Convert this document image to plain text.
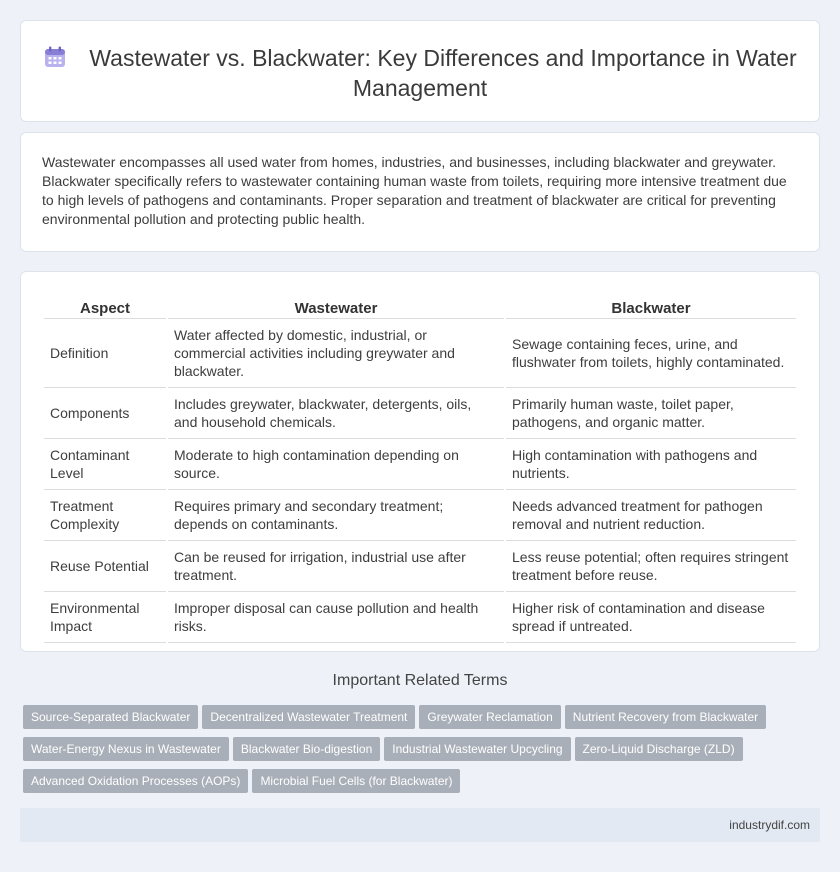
Wastewater vs. Blackwater: Key Differences and Importance in Water Management

Wastewater encompasses all used water from homes, industries, and businesses, including blackwater and greywater. Blackwater specifically refers to wastewater containing human waste from toilets, requiring more intensive treatment due to high levels of pathogens and contaminants. Proper separation and treatment of blackwater are critical for preventing environmental pollution and protecting public health.

Aspect	Wastewater	Blackwater
Definition	Water affected by domestic, industrial, or commercial activities including greywater and blackwater.	Sewage containing feces, urine, and flushwater from toilets, highly contaminated.
Components	Includes greywater, blackwater, detergents, oils, and household chemicals.	Primarily human waste, toilet paper, pathogens, and organic matter.
Contaminant Level	Moderate to high contamination depending on source.	High contamination with pathogens and nutrients.
Treatment Complexity	Requires primary and secondary treatment; depends on contaminants.	Needs advanced treatment for pathogen removal and nutrient reduction.
Reuse Potential	Can be reused for irrigation, industrial use after treatment.	Less reuse potential; often requires stringent treatment before reuse.
Environmental Impact	Improper disposal can cause pollution and health risks.	Higher risk of contamination and disease spread if untreated.
Important Related Terms
Source-Separated Blackwater Decentralized Wastewater Treatment Greywater Reclamation Nutrient Recovery from Blackwater
Water-Energy Nexus in Wastewater Blackwater Bio-digestion Industrial Wastewater Upcycling Zero-Liquid Discharge (ZLD)
Advanced Oxidation Processes (AOPs) Microbial Fuel Cells (for Blackwater)
industrydif.com
